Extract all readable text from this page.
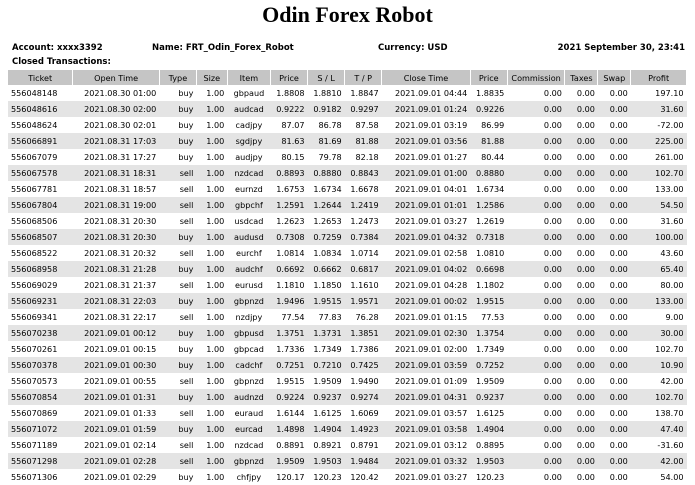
Odin Forex Robot
Account: xxxx3392	Name: FRT_Odin_Forex_Robot	Currency: USD	2021 September 30, 23:41
Closed Transactions:
Ticket	Open Time	Type	Size	Item	Price	S / L	T / P	Close Time	Price	Commission	Taxes	Swap	Profit
556048148	2021.08.30 01:00	buy	1.00	gbpaud	1.8808	1.8810	1.8847	2021.09.01 04:44	1.8835	0.00	0.00	0.00	197.10
556048616	2021.08.30 02:00	buy	1.00	audcad	0.9222	0.9182	0.9297	2021.09.01 01:24	0.9226	0.00	0.00	0.00	31.60
556048624	2021.08.30 02:01	buy	1.00	cadjpy	87.07	86.78	87.58	2021.09.01 03:19	86.99	0.00	0.00	0.00	-72.00
556066891	2021.08.31 17:03	buy	1.00	sgdjpy	81.63	81.69	81.88	2021.09.01 03:56	81.88	0.00	0.00	0.00	225.00
556067079	2021.08.31 17:27	buy	1.00	audjpy	80.15	79.78	82.18	2021.09.01 01:27	80.44	0.00	0.00	0.00	261.00
556067578	2021.08.31 18:31	sell	1.00	nzdcad	0.8893	0.8880	0.8843	2021.09.01 01:00	0.8880	0.00	0.00	0.00	102.70
556067781	2021.08.31 18:57	sell	1.00	eurnzd	1.6753	1.6734	1.6678	2021.09.01 04:01	1.6734	0.00	0.00	0.00	133.00
556067804	2021.08.31 19:00	sell	1.00	gbpchf	1.2591	1.2644	1.2419	2021.09.01 01:01	1.2586	0.00	0.00	0.00	54.50
556068506	2021.08.31 20:30	sell	1.00	usdcad	1.2623	1.2653	1.2473	2021.09.01 03:27	1.2619	0.00	0.00	0.00	31.60
556068507	2021.08.31 20:30	buy	1.00	audusd	0.7308	0.7259	0.7384	2021.09.01 04:32	0.7318	0.00	0.00	0.00	100.00
556068522	2021.08.31 20:32	sell	1.00	eurchf	1.0814	1.0834	1.0714	2021.09.01 02:58	1.0810	0.00	0.00	0.00	43.60
556068958	2021.08.31 21:28	buy	1.00	audchf	0.6692	0.6662	0.6817	2021.09.01 04:02	0.6698	0.00	0.00	0.00	65.40
556069029	2021.08.31 21:37	sell	1.00	eurusd	1.1810	1.1850	1.1610	2021.09.01 04:28	1.1802	0.00	0.00	0.00	80.00
556069231	2021.08.31 22:03	buy	1.00	gbpnzd	1.9496	1.9515	1.9571	2021.09.01 00:02	1.9515	0.00	0.00	0.00	133.00
556069341	2021.08.31 22:17	sell	1.00	nzdjpy	77.54	77.83	76.28	2021.09.01 01:15	77.53	0.00	0.00	0.00	9.00
556070238	2021.09.01 00:12	buy	1.00	gbpusd	1.3751	1.3731	1.3851	2021.09.01 02:30	1.3754	0.00	0.00	0.00	30.00
556070261	2021.09.01 00:15	buy	1.00	gbpcad	1.7336	1.7349	1.7386	2021.09.01 02:00	1.7349	0.00	0.00	0.00	102.70
556070378	2021.09.01 00:30	buy	1.00	cadchf	0.7251	0.7210	0.7425	2021.09.01 03:59	0.7252	0.00	0.00	0.00	10.90
556070573	2021.09.01 00:55	sell	1.00	gbpnzd	1.9515	1.9509	1.9490	2021.09.01 01:09	1.9509	0.00	0.00	0.00	42.00
556070854	2021.09.01 01:31	buy	1.00	audnzd	0.9224	0.9237	0.9274	2021.09.01 04:31	0.9237	0.00	0.00	0.00	102.70
556070869	2021.09.01 01:33	sell	1.00	euraud	1.6144	1.6125	1.6069	2021.09.01 03:57	1.6125	0.00	0.00	0.00	138.70
556071072	2021.09.01 01:59	buy	1.00	eurcad	1.4898	1.4904	1.4923	2021.09.01 03:58	1.4904	0.00	0.00	0.00	47.40
556071189	2021.09.01 02:14	sell	1.00	nzdcad	0.8891	0.8921	0.8791	2021.09.01 03:12	0.8895	0.00	0.00	0.00	-31.60
556071298	2021.09.01 02:28	sell	1.00	gbpnzd	1.9509	1.9503	1.9484	2021.09.01 03:32	1.9503	0.00	0.00	0.00	42.00
556071306	2021.09.01 02:29	buy	1.00	chfjpy	120.17	120.23	120.42	2021.09.01 03:27	120.23	0.00	0.00	0.00	54.00
